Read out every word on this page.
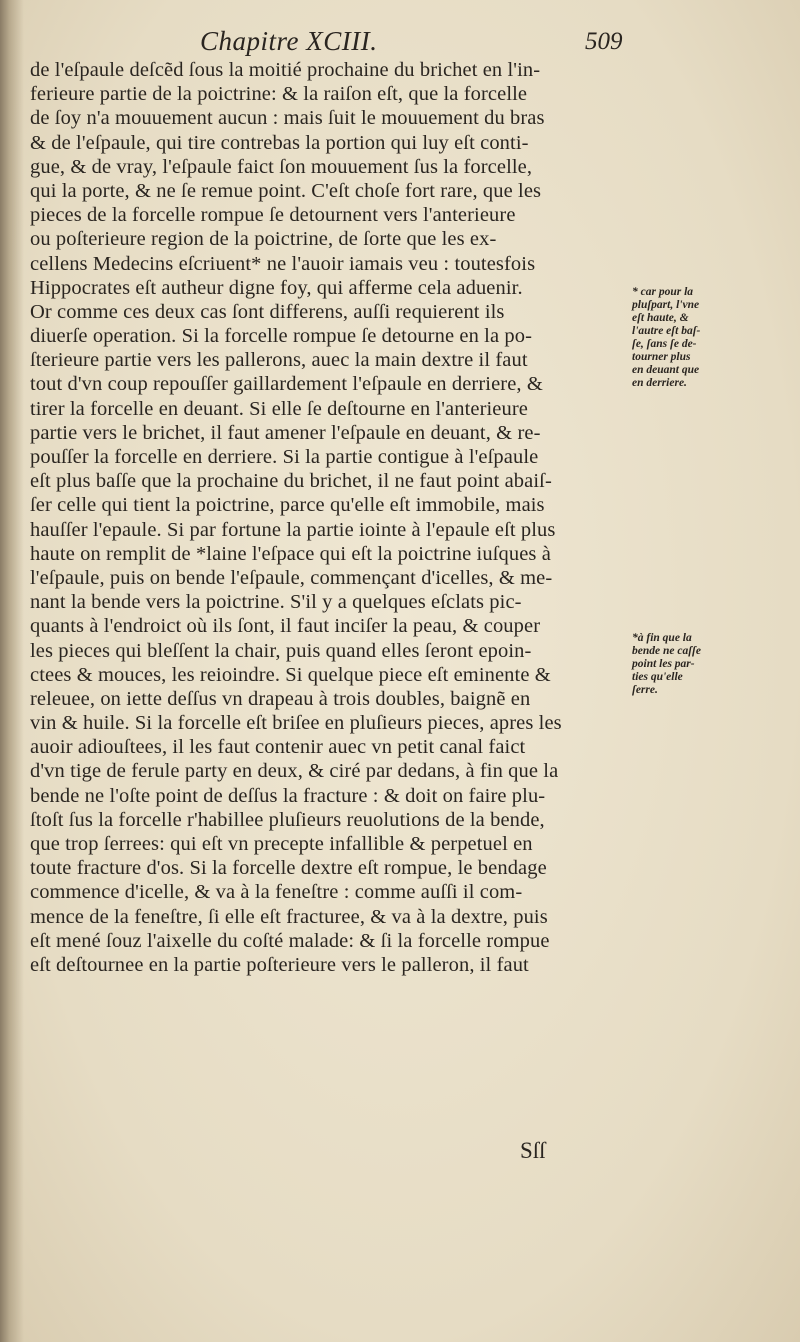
Chapitre XCIII.	509
de l'eſpaule deſcẽd ſous la moitié prochaine du brichet en l'in-
ferieure partie de la poictrine: & la raiſon eſt, que la forcelle
de ſoy n'a mouuement aucun : mais ſuit le mouuement du bras
& de l'eſpaule, qui tire contrebas la portion qui luy eſt conti-
gue, & de vray, l'eſpaule faict ſon mouuement ſus la forcelle,
qui la porte, & ne ſe remue point. C'eſt choſe fort rare, que les
pieces de la forcelle rompue ſe detournent vers l'anterieure
ou poſterieure region de la poictrine, de ſorte que les ex-
cellens Medecins eſcriuent* ne l'auoir iamais veu : toutesfois
Hippocrates eſt autheur digne foy, qui afferme cela aduenir.
Or comme ces deux cas ſont differens, auſſi requierent ils
diuerſe operation. Si la forcelle rompue ſe detourne en la po-
ſterieure partie vers les pallerons, auec la main dextre il faut
tout d'vn coup repouſſer gaillardement l'eſpaule en derriere, &
tirer la forcelle en deuant. Si elle ſe deſtourne en l'anterieure
partie vers le brichet, il faut amener l'eſpaule en deuant, & re-
pouſſer la forcelle en derriere. Si la partie contigue à l'eſpaule
eſt plus baſſe que la prochaine du brichet, il ne faut point abaiſ-
ſer celle qui tient la poictrine, parce qu'elle eſt immobile, mais
hauſſer l'epaule. Si par fortune la partie iointe à l'epaule eſt plus
haute on remplit de *laine l'eſpace qui eſt la poictrine iuſques à
l'eſpaule, puis on bende l'eſpaule, commençant d'icelles, & me-
nant la bende vers la poictrine. S'il y a quelques eſclats pic-
quants à l'endroict où ils ſont, il faut inciſer la peau, & couper
les pieces qui bleſſent la chair, puis quand elles ſeront epoin-
ctees & mouces, les reioindre. Si quelque piece eſt eminente &
releuee, on iette deſſus vn drapeau à trois doubles, baignẽ en
vin & huile. Si la forcelle eſt briſee en pluſieurs pieces, apres les
auoir adiouſtees, il les faut contenir auec vn petit canal faict
d'vn tige de ferule party en deux, & ciré par dedans, à fin que la
bende ne l'oſte point de deſſus la fracture : & doit on faire plu-
ſtoſt ſus la forcelle r'habillee pluſieurs reuolutions de la bende,
que trop ſerrees: qui eſt vn precepte infallible & perpetuel en
toute fracture d'os. Si la forcelle dextre eſt rompue, le bendage
commence d'icelle, & va à la feneſtre : comme auſſi il com-
mence de la feneſtre, ſi elle eſt fracturee, & va à la dextre, puis
eſt mené ſouz l'aixelle du coſté malade: & ſi la forcelle rompue
eſt deſtournee en la partie poſterieure vers le palleron, il faut
* car pour la
pluſpart, l'vne
eſt haute, &
l'autre eſt baſ-
ſe, ſans ſe de-
tourner plus
en deuant que
en derriere.
*à fin que la
bende ne caſſe
point les par-
ties qu'elle
ſerre.
Sſſ
